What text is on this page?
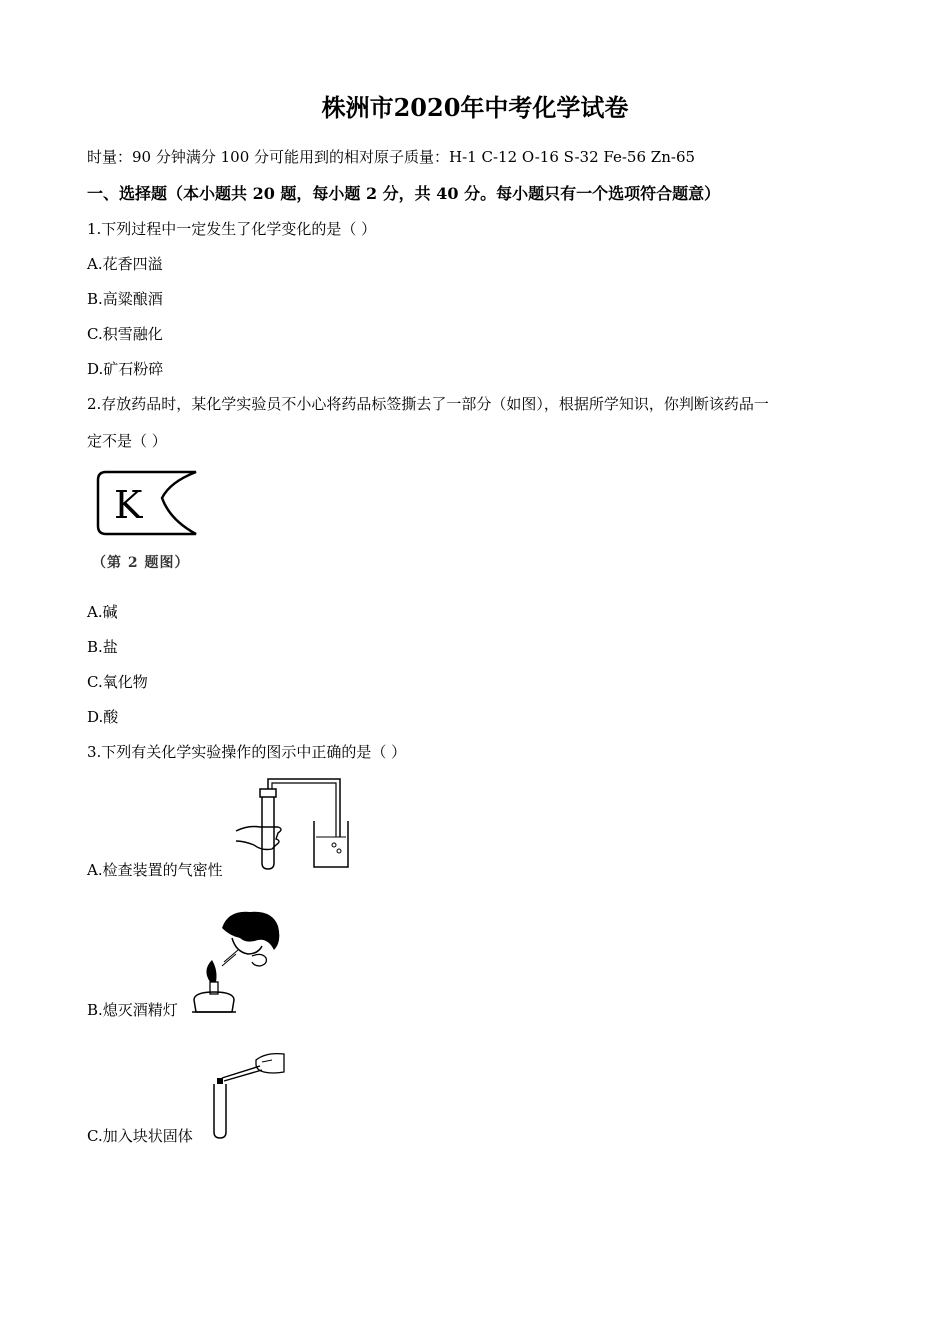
株洲市2020年中考化学试卷
时量：90 分钟满分 100 分可能用到的相对原子质量：H-1 C-12 O-16 S-32 Fe-56 Zn-65
一、选择题（本小题共 20 题，每小题 2 分，共 40 分。每小题只有一个选项符合题意）
1.下列过程中一定发生了化学变化的是（ ）
A.花香四溢
B.高粱酿酒
C.积雪融化
D.矿石粉碎
2.存放药品时，某化学实验员不小心将药品标签撕去了一部分（如图），根据所学知识，你判断该药品一
定不是（ ）
K
（第 2 题图）
A.碱
B.盐
C.氧化物
D.酸
3.下列有关化学实验操作的图示中正确的是（ ）
A.检查装置的气密性
B.熄灭酒精灯
C.加入块状固体
